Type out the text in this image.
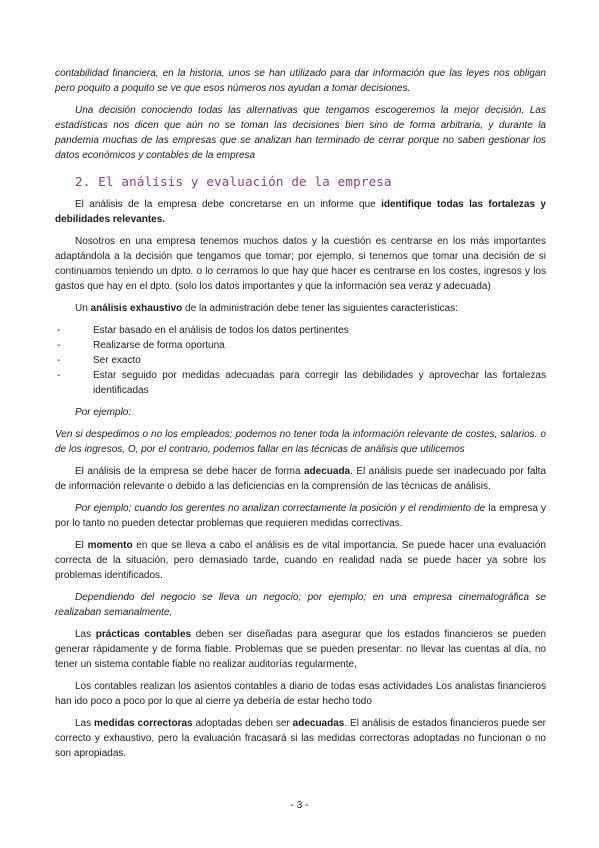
contabilidad financiera, en la historia, unos se han utilizado para dar información que las leyes nos obligan pero poquito a poquito se ve que esos números nos ayudan a tomar decisiones.

Una decisión conociendo todas las alternativas que tengamos escogeremos la mejor decisión. Las estadísticas nos dicen que aún no se toman las decisiones bien sino de forma arbitraria, y durante la pandemia muchas de las empresas que se analizan han terminado de cerrar porque no saben gestionar los datos económicos y contables de la empresa

2. El análisis y evaluación de la empresa

El análisis de la empresa debe concretarse en un informe que identifique todas las fortalezas y debilidades relevantes.

Nosotros en una empresa tenemos muchos datos y la cuestión es centrarse en los más importantes adaptándola a la decisión que tengamos que tomar; por ejemplo, si tenemos que tomar una decisión de si continuamos teniendo un dpto. o lo cerramos lo que hay que hacer es centrarse en los costes, ingresos y los gastos que hay en el dpto. (solo los datos importantes y que la información sea veraz y adecuada)

Un análisis exhaustivo de la administración debe tener las siguientes características:

-	Estar basado en el análisis de todos los datos pertinentes
-	Realizarse de forma oportuna
-	Ser exacto
-	Estar seguido por medidas adecuadas para corregir las debilidades y aprovechar las fortalezas identificadas

Por ejemplo:

Ven si despedimos o no los empleados; podemos no tener toda la información relevante de costes, salarios. o de los ingresos, O, por el contrario, podemos fallar en las técnicas de análisis que utilicemos

El análisis de la empresa se debe hacer de forma adecuada. El análisis puede ser inadecuado por falta de información relevante o debido a las deficiencias en la comprensión de las técnicas de análisis.

Por ejemplo; cuando los gerentes no analizan correctamente la posición y el rendimiento de la empresa y por lo tanto no pueden detectar problemas que requieren medidas correctivas.

El momento en que se lleva a cabo el análisis es de vital importancia. Se puede hacer una evaluación correcta de la situación, pero demasiado tarde, cuando en realidad nada se puede hacer ya sobre los problemas identificados.

Dependiendo del negocio se lleva un negocio; por ejemplo; en una empresa cinematográfica se realizaban semanalmente,

Las prácticas contables deben ser diseñadas para asegurar que los estados financieros se pueden generar rápidamente y de forma fiable. Problemas que se pueden presentar: no llevar las cuentas al día, no tener un sistema contable fiable no realizar auditorías regularmente,

Los contables realizan los asientos contables a diario de todas esas actividades Los analistas financieros han ido poco a poco por lo que al cierre ya debería de estar hecho todo

Las medidas correctoras adoptadas deben ser adecuadas. El análisis de estados financieros puede ser correcto y exhaustivo, pero la evaluación fracasará si las medidas correctoras adoptadas no funcionan o no son apropiadas.

- 3 -
